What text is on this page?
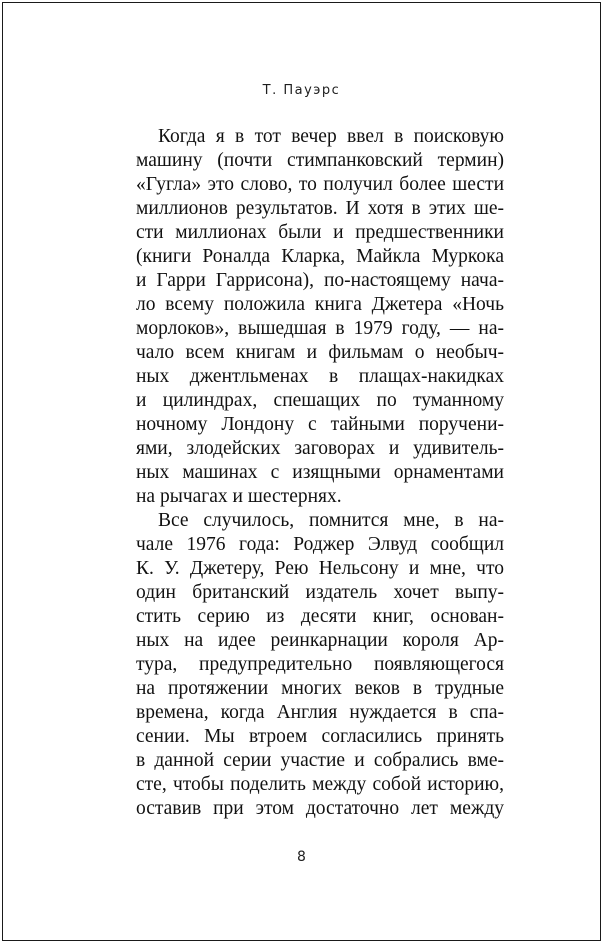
Т. Пауэрс
Когда я в тот вечер ввел в поисковую
машину (почти стимпанковский термин)
«Гугла» это слово, то получил более шести
миллионов результатов. И хотя в этих ше-
сти миллионах были и предшественники
(книги Роналда Кларка, Майкла Муркока
и Гарри Гаррисона), по-настоящему нача-
ло всему положила книга Джетера «Ночь
морлоков», вышедшая в 1979 году, — на-
чало всем книгам и фильмам о необыч-
ных джентльменах в плащах-накидках
и цилиндрах, спешащих по туманному
ночному Лондону с тайными поручени-
ями, злодейских заговорах и удивитель-
ных машинах с изящными орнаментами
на рычагах и шестернях.
Все случилось, помнится мне, в на-
чале 1976 года: Роджер Элвуд сообщил
К. У. Джетеру, Рею Нельсону и мне, что
один британский издатель хочет выпу-
стить серию из десяти книг, основан-
ных на идее реинкарнации короля Ар-
тура, предупредительно появляющегося
на протяжении многих веков в трудные
времена, когда Англия нуждается в спа-
сении. Мы втроем согласились принять
в данной серии участие и собрались вме-
сте, чтобы поделить между собой историю,
оставив при этом достаточно лет между
8
